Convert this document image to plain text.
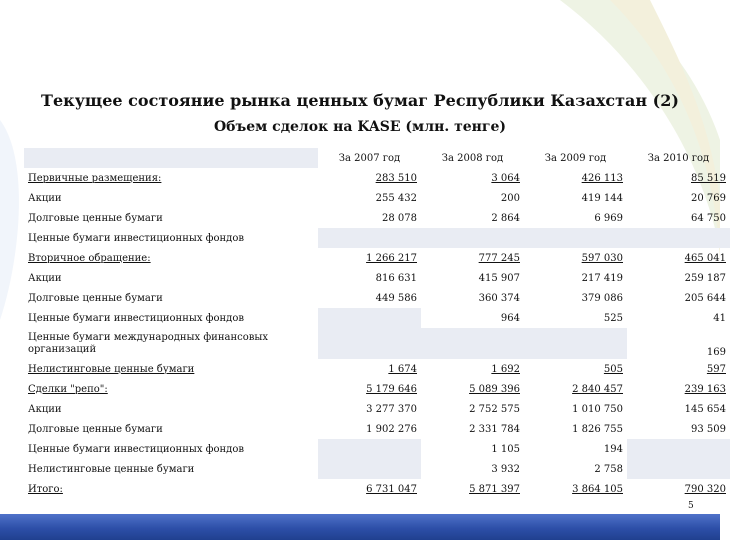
Текущее состояние рынка ценных бумаг Республики Казахстан (2)
Объем сделок на KASE (млн. тенге)
	За 2007 год	За 2008 год	За 2009 год	За 2010 год
Первичные размещения:	283 510	3 064	426 113	85 519
Акции	255 432	200	419 144	20 769
Долговые ценные бумаги	28 078	2 864	6 969	64 750
Ценные бумаги инвестиционных фондов				
Вторичное обращение:	1 266 217	777 245	597 030	465 041
Акции	816 631	415 907	217 419	259 187
Долговые ценные бумаги	449 586	360 374	379 086	205 644
Ценные бумаги инвестиционных фондов		964	525	41
Ценные бумаги международных финансовых организаций				169
Нелистинговые ценные бумаги	1 674	1 692	505	597
Сделки "репо":	5 179 646	5 089 396	2 840 457	239 163
Акции	3 277 370	2 752 575	1 010 750	145 654
Долговые ценные бумаги	1 902 276	2 331 784	1 826 755	93 509
Ценные бумаги инвестиционных фондов		1 105	194	
Нелистинговые ценные бумаги		3 932	2 758	
Итого:	6 731 047	5 871 397	3 864 105	790 320
5
